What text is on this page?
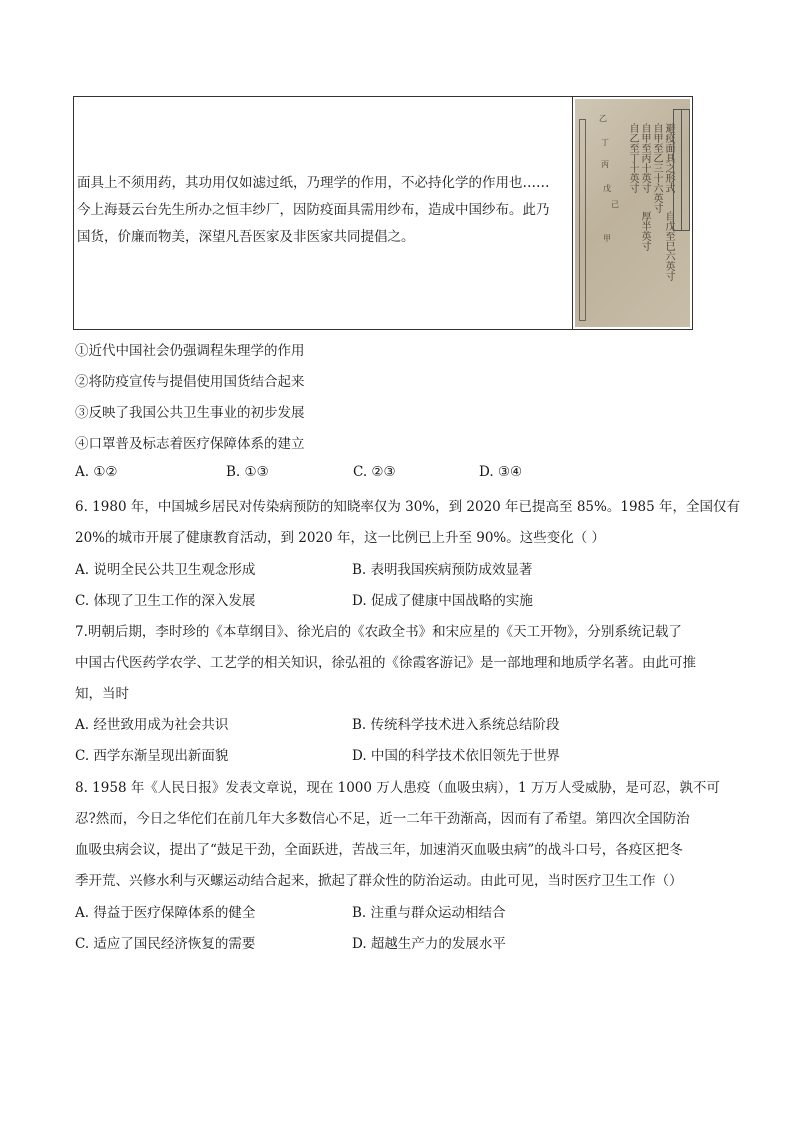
面具上不须用药，其功用仅如滤过纸，乃理学的作用，不必持化学的作用也……
今上海聂云台先生所办之恒丰纱厂，因防疫面具需用纱布，造成中国纱布。此乃
国货，价廉而物美，深望凡吾医家及非医家共同提倡之。
避疫面具之形式
自甲至乙三十六英寸
自甲至丙十英寸
自乙至丁十英寸
自戊至巳六英寸
厚半英寸
乙
丁
丙
戊
己
甲
①近代中国社会仍强调程朱理学的作用
②将防疫宣传与提倡使用国货结合起来
③反映了我国公共卫生事业的初步发展
④口罩普及标志着医疗保障体系的建立
A. ①②	B. ①③	C. ②③	D. ③④
6. 1980 年，中国城乡居民对传染病预防的知晓率仅为 30%，到 2020 年已提高至 85%。1985 年，全国仅有
20%的城市开展了健康教育活动，到 2020 年，这一比例已上升至 90%。这些变化（ ）
A. 说明全民公共卫生观念形成	B. 表明我国疾病预防成效显著
C. 体现了卫生工作的深入发展	D. 促成了健康中国战略的实施
7.明朝后期，李时珍的《本草纲目》、徐光启的《农政全书》和宋应星的《天工开物》，分别系统记载了
中国古代医药学农学、工艺学的相关知识，徐弘祖的《徐霞客游记》是一部地理和地质学名著。由此可推
知，当时
A. 经世致用成为社会共识	B. 传统科学技术进入系统总结阶段
C. 西学东渐呈现出新面貌	D. 中国的科学技术依旧领先于世界
8. 1958 年《人民日报》发表文章说，现在 1000 万人患疫（血吸虫病），1 万万人受威胁，是可忍，孰不可
忍?然而，今日之华佗们在前几年大多数信心不足，近一二年干劲渐高，因而有了希望。第四次全国防治
血吸虫病会议，提出了“鼓足干劲，全面跃进，苦战三年，加速消灭血吸虫病”的战斗口号，各疫区把冬
季开荒、兴修水利与灭螺运动结合起来，掀起了群众性的防治运动。由此可见，当时医疗卫生工作（）
A. 得益于医疗保障体系的健全	B. 注重与群众运动相结合
C. 适应了国民经济恢复的需要	D. 超越生产力的发展水平
